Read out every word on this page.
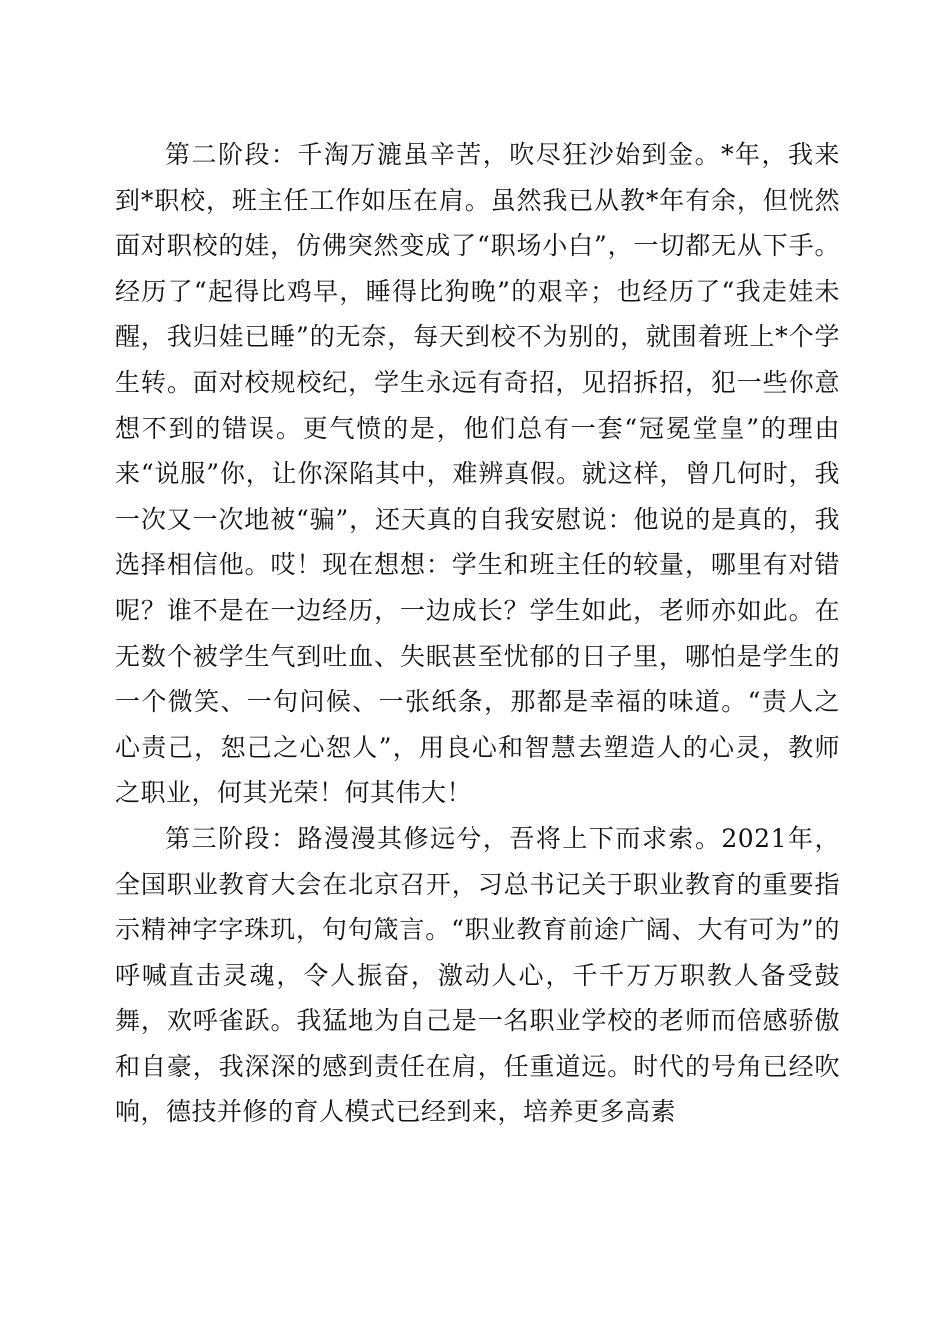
第二阶段：千淘万漉虽辛苦，吹尽狂沙始到金。*年，我来到*职校，班主任工作如压在肩。虽然我已从教*年有余，但恍然面对职校的娃，仿佛突然变成了“职场小白”，一切都无从下手。经历了“起得比鸡早，睡得比狗晚”的艰辛；也经历了“我走娃未醒，我归娃已睡”的无奈，每天到校不为别的，就围着班上*个学生转。面对校规校纪，学生永远有奇招，见招拆招，犯一些你意想不到的错误。更气愤的是，他们总有一套“冠冕堂皇”的理由来“说服”你，让你深陷其中，难辨真假。就这样，曾几何时，我一次又一次地被“骗”，还天真的自我安慰说：他说的是真的，我选择相信他。哎！现在想想：学生和班主任的较量，哪里有对错呢？谁不是在一边经历，一边成长？学生如此，老师亦如此。在无数个被学生气到吐血、失眠甚至忧郁的日子里，哪怕是学生的一个微笑、一句问候、一张纸条，那都是幸福的味道。“责人之心责己，恕己之心恕人”，用良心和智慧去塑造人的心灵，教师之职业，何其光荣！何其伟大！

第三阶段：路漫漫其修远兮，吾将上下而求索。2021年，全国职业教育大会在北京召开，习总书记关于职业教育的重要指示精神字字珠玑，句句箴言。“职业教育前途广阔、大有可为”的呼喊直击灵魂，令人振奋，激动人心，千千万万职教人备受鼓舞，欢呼雀跃。我猛地为自己是一名职业学校的老师而倍感骄傲和自豪，我深深的感到责任在肩，任重道远。时代的号角已经吹响，德技并修的育人模式已经到来，培养更多高素
